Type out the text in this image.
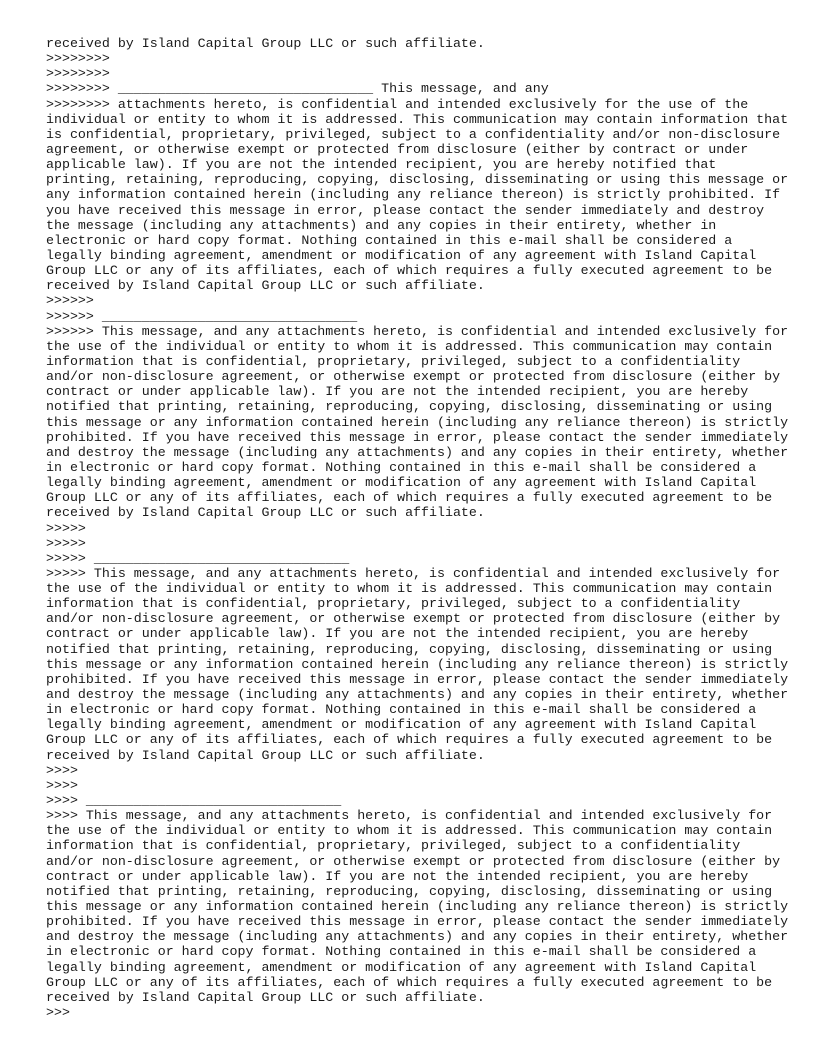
received by Island Capital Group LLC or such affiliate.
>>>>>>>>
>>>>>>>>
>>>>>>>> ________________________________ This message, and any
>>>>>>>> attachments hereto, is confidential and intended exclusively for the use of the
individual or entity to whom it is addressed. This communication may contain information that
is confidential, proprietary, privileged, subject to a confidentiality and/or non-disclosure
agreement, or otherwise exempt or protected from disclosure (either by contract or under
applicable law). If you are not the intended recipient, you are hereby notified that
printing, retaining, reproducing, copying, disclosing, disseminating or using this message or
any information contained herein (including any reliance thereon) is strictly prohibited. If
you have received this message in error, please contact the sender immediately and destroy
the message (including any attachments) and any copies in their entirety, whether in
electronic or hard copy format. Nothing contained in this e-mail shall be considered a
legally binding agreement, amendment or modification of any agreement with Island Capital
Group LLC or any of its affiliates, each of which requires a fully executed agreement to be
received by Island Capital Group LLC or such affiliate.
>>>>>>
>>>>>> ________________________________
>>>>>> This message, and any attachments hereto, is confidential and intended exclusively for
the use of the individual or entity to whom it is addressed. This communication may contain
information that is confidential, proprietary, privileged, subject to a confidentiality
and/or non-disclosure agreement, or otherwise exempt or protected from disclosure (either by
contract or under applicable law). If you are not the intended recipient, you are hereby
notified that printing, retaining, reproducing, copying, disclosing, disseminating or using
this message or any information contained herein (including any reliance thereon) is strictly
prohibited. If you have received this message in error, please contact the sender immediately
and destroy the message (including any attachments) and any copies in their entirety, whether
in electronic or hard copy format. Nothing contained in this e-mail shall be considered a
legally binding agreement, amendment or modification of any agreement with Island Capital
Group LLC or any of its affiliates, each of which requires a fully executed agreement to be
received by Island Capital Group LLC or such affiliate.
>>>>>
>>>>>
>>>>> ________________________________
>>>>> This message, and any attachments hereto, is confidential and intended exclusively for
the use of the individual or entity to whom it is addressed. This communication may contain
information that is confidential, proprietary, privileged, subject to a confidentiality
and/or non-disclosure agreement, or otherwise exempt or protected from disclosure (either by
contract or under applicable law). If you are not the intended recipient, you are hereby
notified that printing, retaining, reproducing, copying, disclosing, disseminating or using
this message or any information contained herein (including any reliance thereon) is strictly
prohibited. If you have received this message in error, please contact the sender immediately
and destroy the message (including any attachments) and any copies in their entirety, whether
in electronic or hard copy format. Nothing contained in this e-mail shall be considered a
legally binding agreement, amendment or modification of any agreement with Island Capital
Group LLC or any of its affiliates, each of which requires a fully executed agreement to be
received by Island Capital Group LLC or such affiliate.
>>>>
>>>>
>>>> ________________________________
>>>> This message, and any attachments hereto, is confidential and intended exclusively for
the use of the individual or entity to whom it is addressed. This communication may contain
information that is confidential, proprietary, privileged, subject to a confidentiality
and/or non-disclosure agreement, or otherwise exempt or protected from disclosure (either by
contract or under applicable law). If you are not the intended recipient, you are hereby
notified that printing, retaining, reproducing, copying, disclosing, disseminating or using
this message or any information contained herein (including any reliance thereon) is strictly
prohibited. If you have received this message in error, please contact the sender immediately
and destroy the message (including any attachments) and any copies in their entirety, whether
in electronic or hard copy format. Nothing contained in this e-mail shall be considered a
legally binding agreement, amendment or modification of any agreement with Island Capital
Group LLC or any of its affiliates, each of which requires a fully executed agreement to be
received by Island Capital Group LLC or such affiliate.
>>>
